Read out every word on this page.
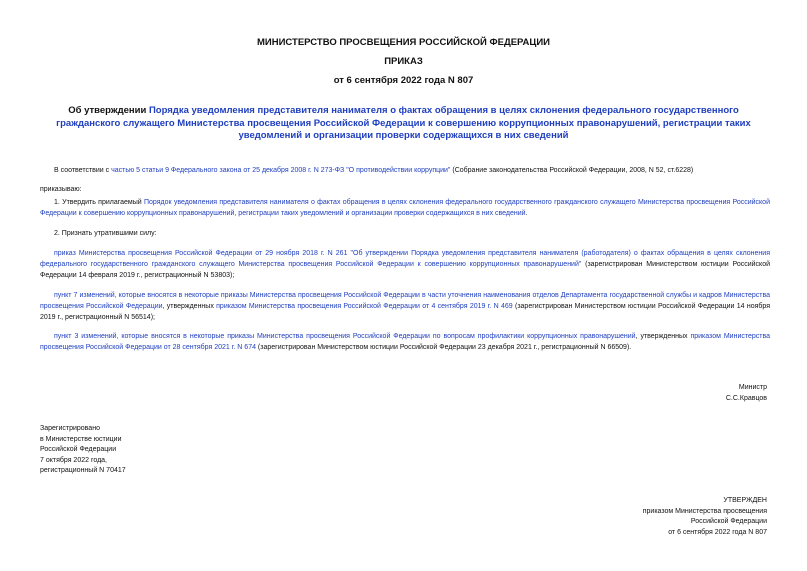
МИНИСТЕРСТВО ПРОСВЕЩЕНИЯ РОССИЙСКОЙ ФЕДЕРАЦИИ
ПРИКАЗ
от 6 сентября 2022 года N 807
Об утверждении Порядка уведомления представителя нанимателя о фактах обращения в целях склонения федерального государственного гражданского служащего Министерства просвещения Российской Федерации к совершению коррупционных правонарушений, регистрации таких уведомлений и организации проверки содержащихся в них сведений
В соответствии с частью 5 статьи 9 Федерального закона от 25 декабря 2008 г. N 273-ФЗ "О противодействии коррупции" (Собрание законодательства Российской Федерации, 2008, N 52, ст.6228)
приказываю:
1. Утвердить прилагаемый Порядок уведомления представителя нанимателя о фактах обращения в целях склонения федерального государственного гражданского служащего Министерства просвещения Российской Федерации к совершению коррупционных правонарушений, регистрации таких уведомлений и организации проверки содержащихся в них сведений.
2. Признать утратившими силу:
приказ Министерства просвещения Российской Федерации от 29 ноября 2018 г. N 261 "Об утверждении Порядка уведомления представителя нанимателя (работодателя) о фактах обращения в целях склонения федерального государственного гражданского служащего Министерства просвещения Российской Федерации к совершению коррупционных правонарушений" (зарегистрирован Министерством юстиции Российской Федерации 14 февраля 2019 г., регистрационный N 53803);
пункт 7 изменений, которые вносятся в некоторые приказы Министерства просвещения Российской Федерации в части уточнения наименования отделов Департамента государственной службы и кадров Министерства просвещения Российской Федерации, утвержденных приказом Министерства просвещения Российской Федерации от 4 сентября 2019 г. N 469 (зарегистрирован Министерством юстиции Российской Федерации 14 ноября 2019 г., регистрационный N 56514);
пункт 3 изменений, которые вносятся в некоторые приказы Министерства просвещения Российской Федерации по вопросам профилактики коррупционных правонарушений, утвержденных приказом Министерства просвещения Российской Федерации от 28 сентября 2021 г. N 674 (зарегистрирован Министерством юстиции Российской Федерации 23 декабря 2021 г., регистрационный N 66509).
Министр
С.С.Кравцов
Зарегистрировано
в Министерстве юстиции
Российской Федерации
7 октября 2022 года,
регистрационный N 70417
УТВЕРЖДЕН
приказом Министерства просвещения
Российской Федерации
от 6 сентября 2022 года N 807
